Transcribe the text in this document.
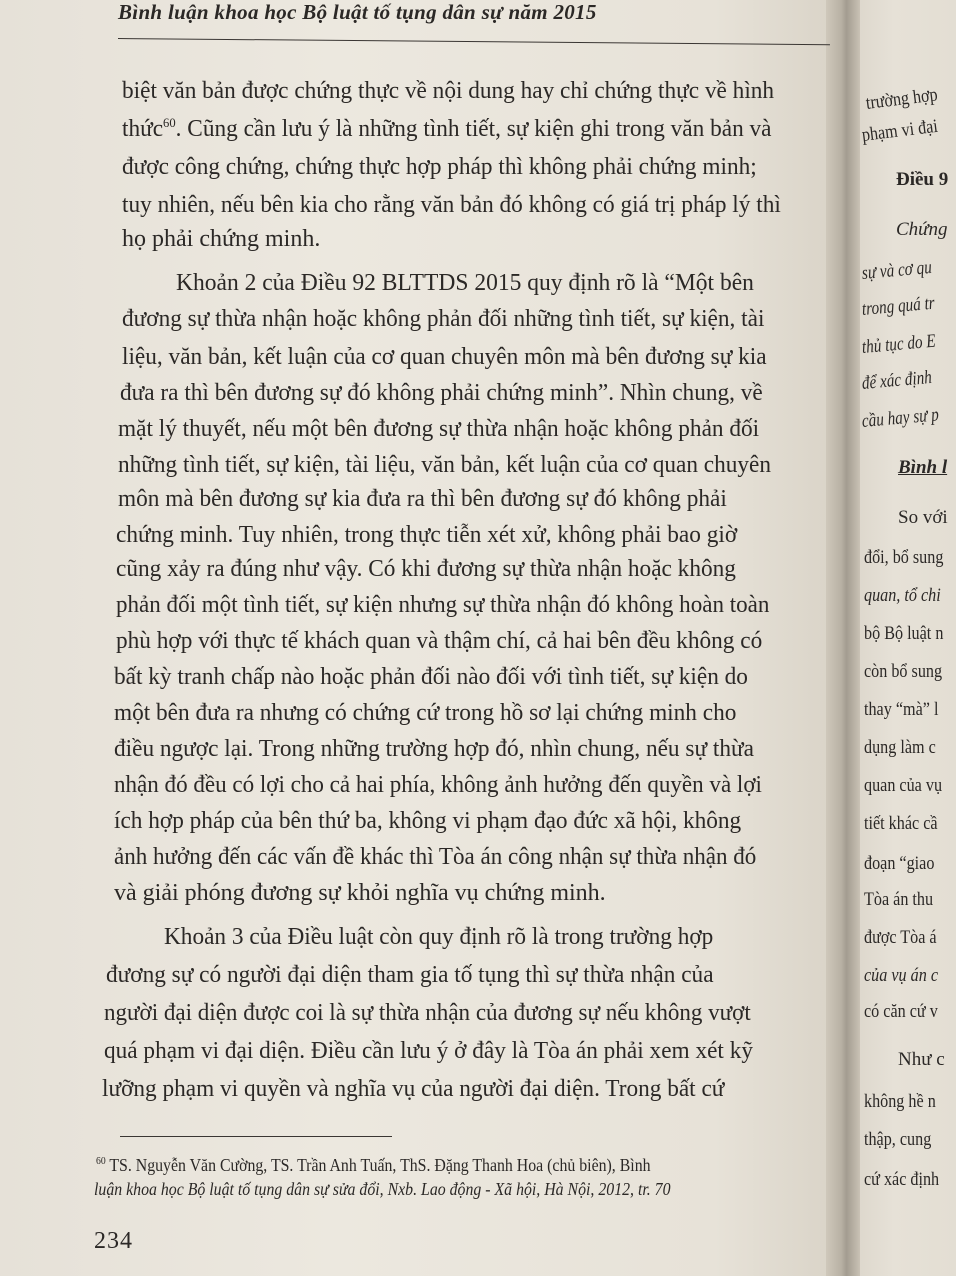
trường hợp
phạm vi đại
Điều 9
Chứng
sự và cơ qu
trong quá tr
thủ tục do E
để xác định
cầu hay sự p
Bình l
So với
đổi, bổ sung
quan, tổ chi
bộ Bộ luật n
còn bổ sung
thay “mà” l
dụng làm c
quan của vụ
tiết khác cầ
đoạn “giao
Tòa án thu
được Tòa á
của vụ án c
có căn cứ v
Như c
không hề n
thập, cung
cứ xác định
Bình luận khoa học Bộ luật tố tụng dân sự năm 2015
biệt văn bản được chứng thực về nội dung hay chỉ chứng thực về hình
thức$^{60}$. Cũng cần lưu ý là những tình tiết, sự kiện ghi trong văn bản và
được công chứng, chứng thực hợp pháp thì không phải chứng minh;
tuy nhiên, nếu bên kia cho rằng văn bản đó không có giá trị pháp lý thì
họ phải chứng minh.
Khoản 2 của Điều 92 BLTTDS 2015 quy định rõ là “Một bên
đương sự thừa nhận hoặc không phản đối những tình tiết, sự kiện, tài
liệu, văn bản, kết luận của cơ quan chuyên môn mà bên đương sự kia
đưa ra thì bên đương sự đó không phải chứng minh”. Nhìn chung, về
mặt lý thuyết, nếu một bên đương sự thừa nhận hoặc không phản đối
những tình tiết, sự kiện, tài liệu, văn bản, kết luận của cơ quan chuyên
môn mà bên đương sự kia đưa ra thì bên đương sự đó không phải
chứng minh. Tuy nhiên, trong thực tiễn xét xử, không phải bao giờ
cũng xảy ra đúng như vậy. Có khi đương sự thừa nhận hoặc không
phản đối một tình tiết, sự kiện nhưng sự thừa nhận đó không hoàn toàn
phù hợp với thực tế khách quan và thậm chí, cả hai bên đều không có
bất kỳ tranh chấp nào hoặc phản đối nào đối với tình tiết, sự kiện do
một bên đưa ra nhưng có chứng cứ trong hồ sơ lại chứng minh cho
điều ngược lại. Trong những trường hợp đó, nhìn chung, nếu sự thừa
nhận đó đều có lợi cho cả hai phía, không ảnh hưởng đến quyền và lợi
ích hợp pháp của bên thứ ba, không vi phạm đạo đức xã hội, không
ảnh hưởng đến các vấn đề khác thì Tòa án công nhận sự thừa nhận đó
và giải phóng đương sự khỏi nghĩa vụ chứng minh.
Khoản 3 của Điều luật còn quy định rõ là trong trường hợp
đương sự có người đại diện tham gia tố tụng thì sự thừa nhận của
người đại diện được coi là sự thừa nhận của đương sự nếu không vượt
quá phạm vi đại diện. Điều cần lưu ý ở đây là Tòa án phải xem xét kỹ
lưỡng phạm vi quyền và nghĩa vụ của người đại diện. Trong bất cứ
$^{60}$ TS. Nguyễn Văn Cường, TS. Trần Anh Tuấn, ThS. Đặng Thanh Hoa (chủ biên), Bình
luận khoa học Bộ luật tố tụng dân sự sửa đổi, Nxb. Lao động - Xã hội, Hà Nội, 2012, tr. 70
234
